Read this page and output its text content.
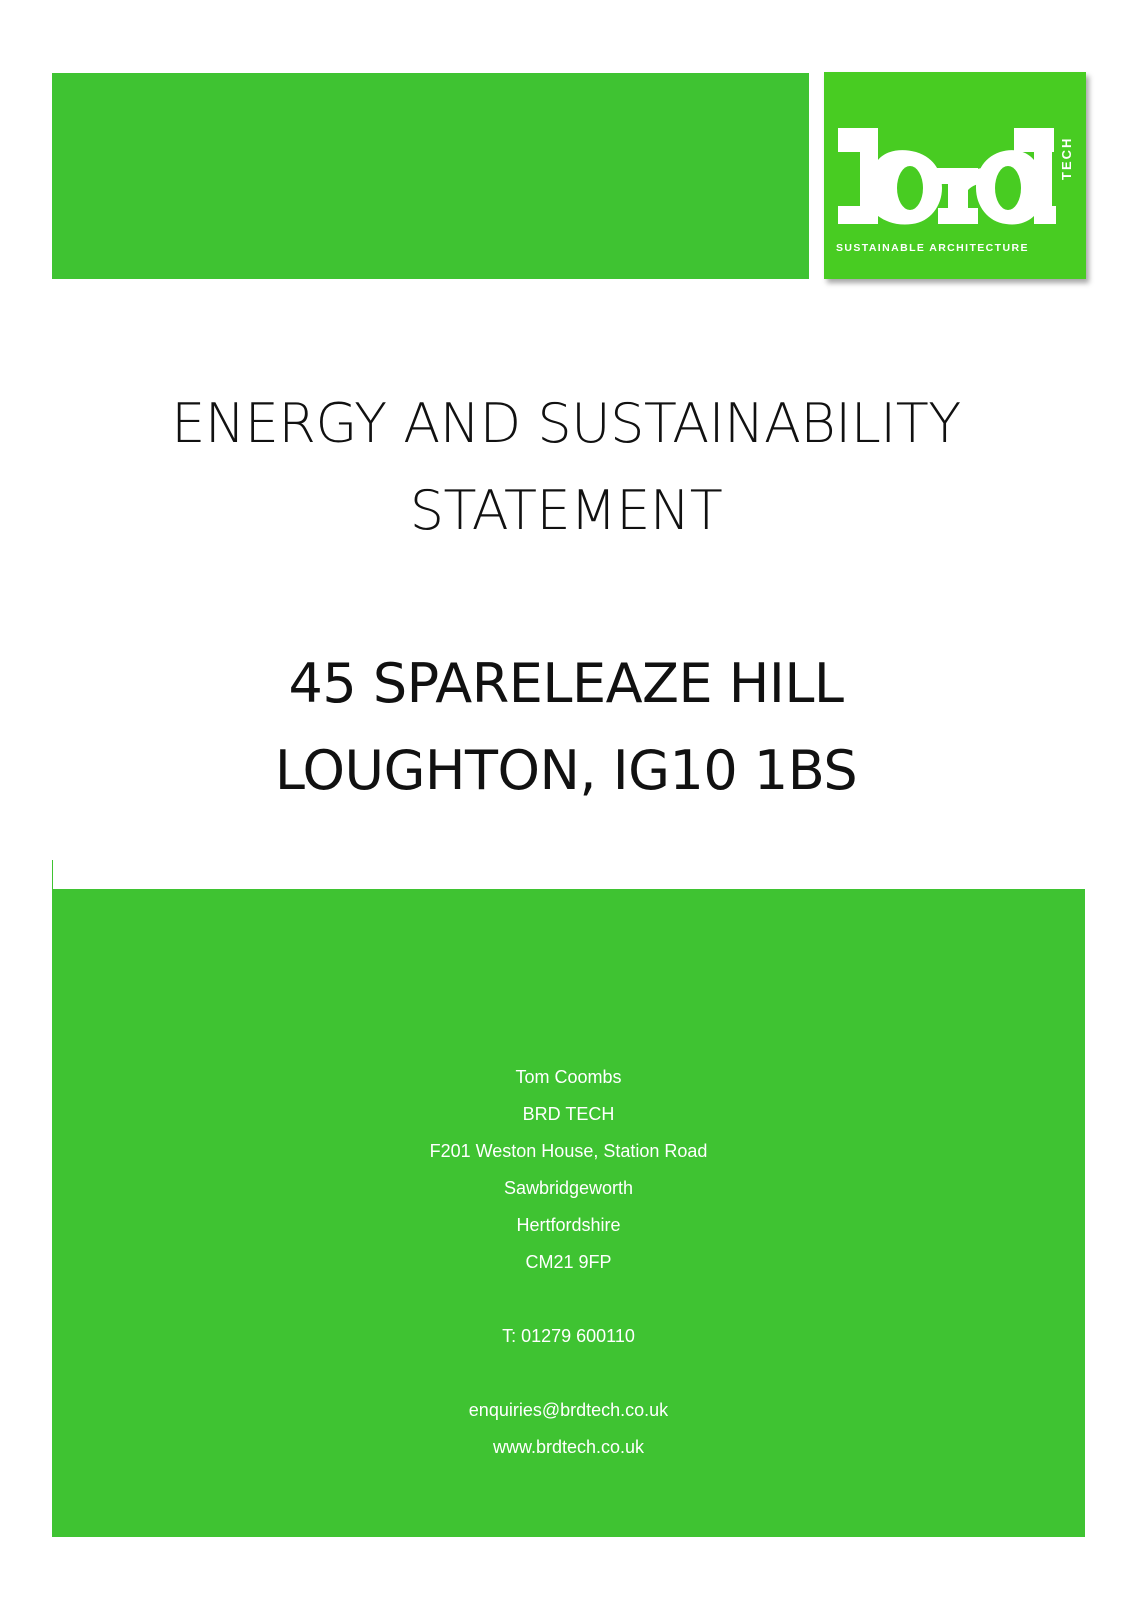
TECH
SUSTAINABLE ARCHITECTURE
ENERGY AND SUSTAINABILITY
STATEMENT
45 SPARELEAZE HILL
LOUGHTON, IG10 1BS
Tom Coombs
BRD TECH
F201 Weston House, Station Road
Sawbridgeworth
Hertfordshire
CM21 9FP
T: 01279 600110
enquiries@brdtech.co.uk
www.brdtech.co.uk
